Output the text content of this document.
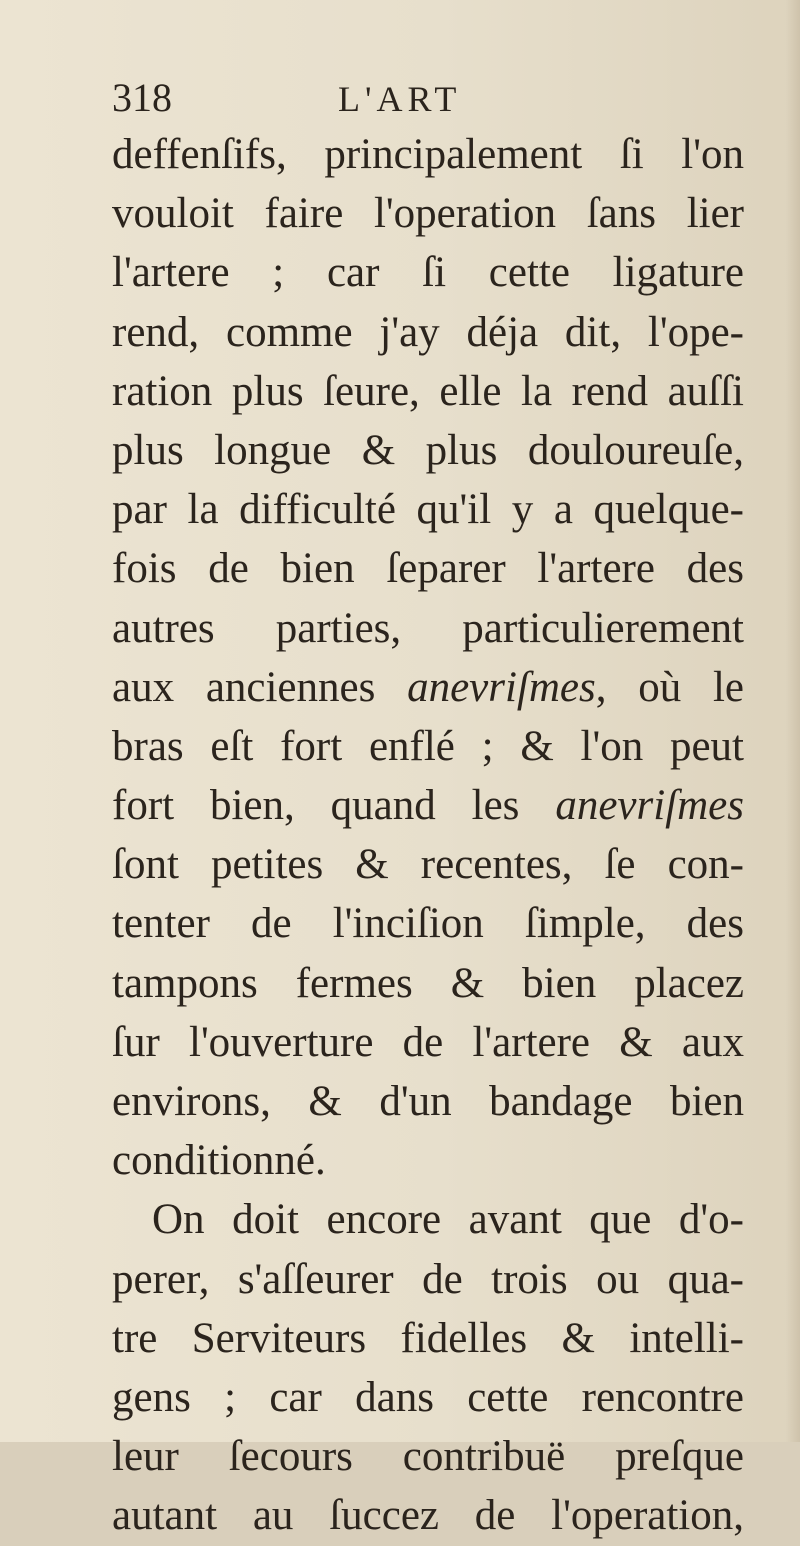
318	L'ART
deffenſifs, principalement ſi l'on
vouloit faire l'operation ſans lier
l'artere ; car ſi cette ligature
rend, comme j'ay déja dit, l'ope-
ration plus ſeure, elle la rend auſſi
plus longue & plus douloureuſe,
par la difficulté qu'il y a quelque-
fois de bien ſeparer l'artere des
autres parties, particulierement
aux anciennes anevriſmes, où le
bras eſt fort enflé ; & l'on peut
fort bien, quand les anevriſmes
ſont petites & recentes, ſe con-
tenter de l'inciſion ſimple, des
tampons fermes & bien placez
ſur l'ouverture de l'artere & aux
environs, & d'un bandage bien
conditionné.
On doit encore avant que d'o-
perer, s'aſſeurer de trois ou qua-
tre Serviteurs fidelles & intelli-
gens ; car dans cette rencontre
leur ſecours contribuë preſque
autant au ſuccez de l'operation,
